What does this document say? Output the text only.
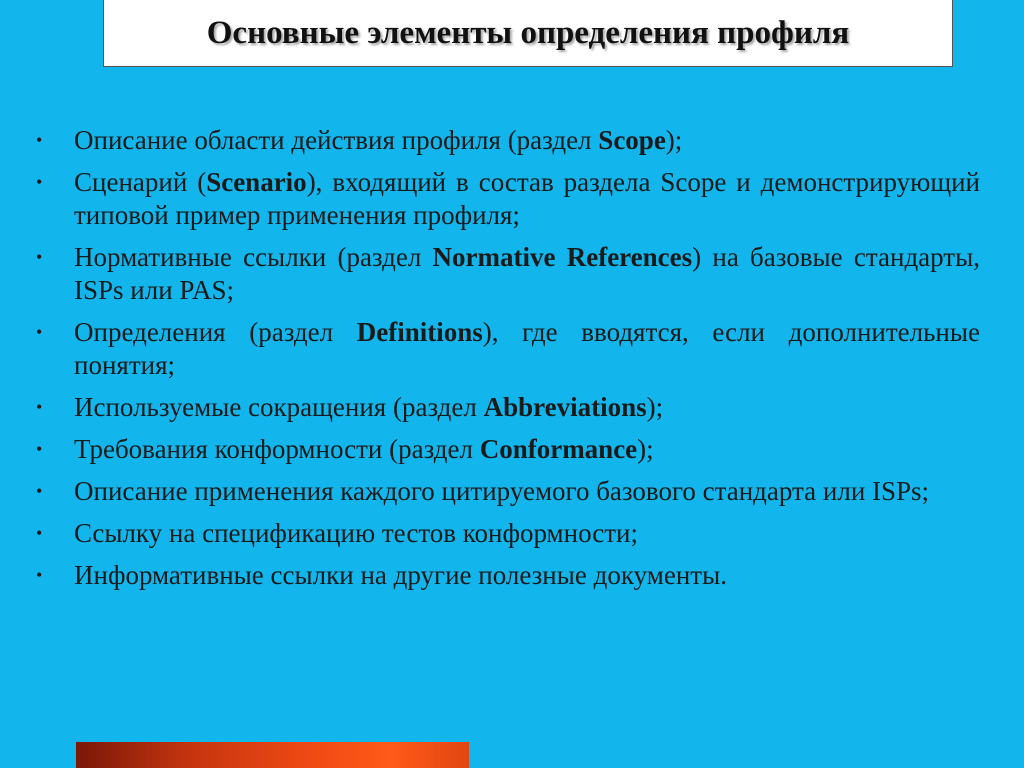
Основные элементы определения профиля
•	Описание области действия профиля (раздел Scope);
•	Сценарий (Scenario), входящий в состав раздела Scope и демонстрирующий типовой пример применения профиля;
•	Нормативные ссылки (раздел Normative References) на базовые стандарты, ISPs или PAS;
•	Определения (раздел Definitions), где вводятся, если дополнительные понятия;
•	Используемые сокращения (раздел Abbreviations);
•	Требования конформности (раздел Conformance);
•	Описание применения каждого цитируемого базового стандарта или ISPs;
•	Ссылку на спецификацию тестов конформности;
•	Информативные ссылки на другие полезные документы.
